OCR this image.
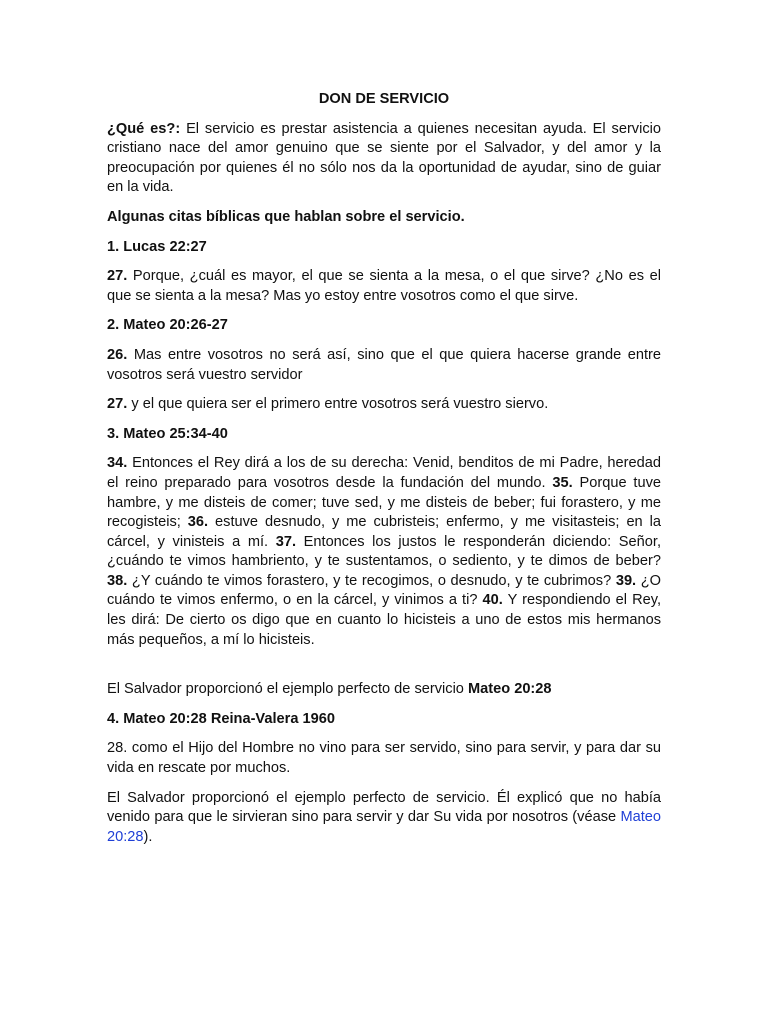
DON DE SERVICIO

¿Qué es?: El servicio es prestar asistencia a quienes necesitan ayuda. El servicio cristiano nace del amor genuino que se siente por el Salvador, y del amor y la preocupación por quienes él no sólo nos da la oportunidad de ayudar, sino de guiar en la vida.

Algunas citas bíblicas que hablan sobre el servicio.

1. Lucas 22:27

27. Porque, ¿cuál es mayor, el que se sienta a la mesa, o el que sirve? ¿No es el que se sienta a la mesa? Mas yo estoy entre vosotros como el que sirve.

2. Mateo 20:26-27

26. Mas entre vosotros no será así, sino que el que quiera hacerse grande entre vosotros será vuestro servidor

27. y el que quiera ser el primero entre vosotros será vuestro siervo.

3. Mateo 25:34-40

34. Entonces el Rey dirá a los de su derecha: Venid, benditos de mi Padre, heredad el reino preparado para vosotros desde la fundación del mundo. 35. Porque tuve hambre, y me disteis de comer; tuve sed, y me disteis de beber; fui forastero, y me recogisteis; 36. estuve desnudo, y me cubristeis; enfermo, y me visitasteis; en la cárcel, y vinisteis a mí. 37. Entonces los justos le responderán diciendo: Señor, ¿cuándo te vimos hambriento, y te sustentamos, o sediento, y te dimos de beber? 38. ¿Y cuándo te vimos forastero, y te recogimos, o desnudo, y te cubrimos? 39. ¿O cuándo te vimos enfermo, o en la cárcel, y vinimos a ti? 40. Y respondiendo el Rey, les dirá: De cierto os digo que en cuanto lo hicisteis a uno de estos mis hermanos más pequeños, a mí lo hicisteis.

El Salvador proporcionó el ejemplo perfecto de servicio Mateo 20:28

4. Mateo 20:28 Reina-Valera 1960

28. como el Hijo del Hombre no vino para ser servido, sino para servir, y para dar su vida en rescate por muchos.

El Salvador proporcionó el ejemplo perfecto de servicio. Él explicó que no había venido para que le sirvieran sino para servir y dar Su vida por nosotros (véase Mateo 20:28).
